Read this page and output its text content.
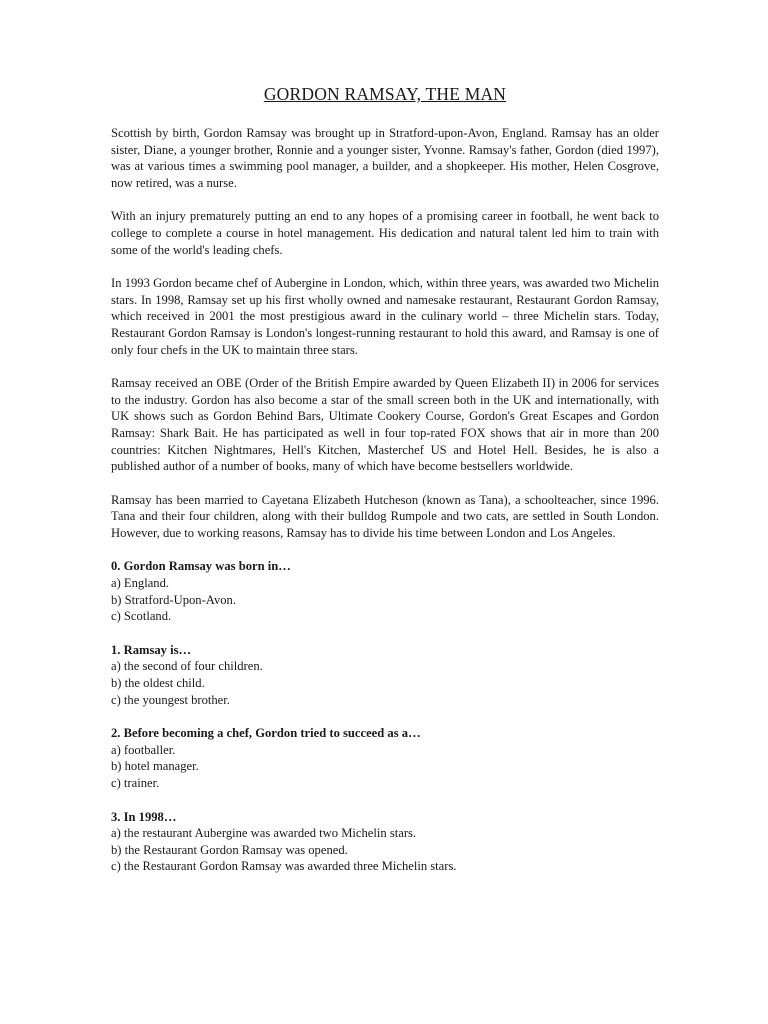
GORDON RAMSAY, THE MAN

Scottish by birth, Gordon Ramsay was brought up in Stratford-upon-Avon, England. Ramsay has an older sister, Diane, a younger brother, Ronnie and a younger sister, Yvonne. Ramsay's father, Gordon (died 1997), was at various times a swimming pool manager, a builder, and a shopkeeper. His mother, Helen Cosgrove, now retired, was a nurse.

With an injury prematurely putting an end to any hopes of a promising career in football, he went back to college to complete a course in hotel management. His dedication and natural talent led him to train with some of the world's leading chefs.

In 1993 Gordon became chef of Aubergine in London, which, within three years, was awarded two Michelin stars. In 1998, Ramsay set up his first wholly owned and namesake restaurant, Restaurant Gordon Ramsay, which received in 2001 the most prestigious award in the culinary world – three Michelin stars. Today, Restaurant Gordon Ramsay is London's longest-running restaurant to hold this award, and Ramsay is one of only four chefs in the UK to maintain three stars.

Ramsay received an OBE (Order of the British Empire awarded by Queen Elizabeth II) in 2006 for services to the industry. Gordon has also become a star of the small screen both in the UK and internationally, with UK shows such as Gordon Behind Bars, Ultimate Cookery Course, Gordon's Great Escapes and Gordon Ramsay: Shark Bait. He has participated as well in four top-rated FOX shows that air in more than 200 countries: Kitchen Nightmares, Hell's Kitchen, Masterchef US and Hotel Hell. Besides, he is also a published author of a number of books, many of which have become bestsellers worldwide.

Ramsay has been married to Cayetana Elizabeth Hutcheson (known as Tana), a schoolteacher, since 1996. Tana and their four children, along with their bulldog Rumpole and two cats, are settled in South London. However, due to working reasons, Ramsay has to divide his time between London and Los Angeles.

0. Gordon Ramsay was born in…
a) England.
b) Stratford-Upon-Avon.
c) Scotland.
1. Ramsay is…
a) the second of four children.
b) the oldest child.
c) the youngest brother.
2. Before becoming a chef, Gordon tried to succeed as a…
a) footballer.
b) hotel manager.
c) trainer.
3. In 1998…
a) the restaurant Aubergine was awarded two Michelin stars.
b) the Restaurant Gordon Ramsay was opened.
c) the Restaurant Gordon Ramsay was awarded three Michelin stars.
